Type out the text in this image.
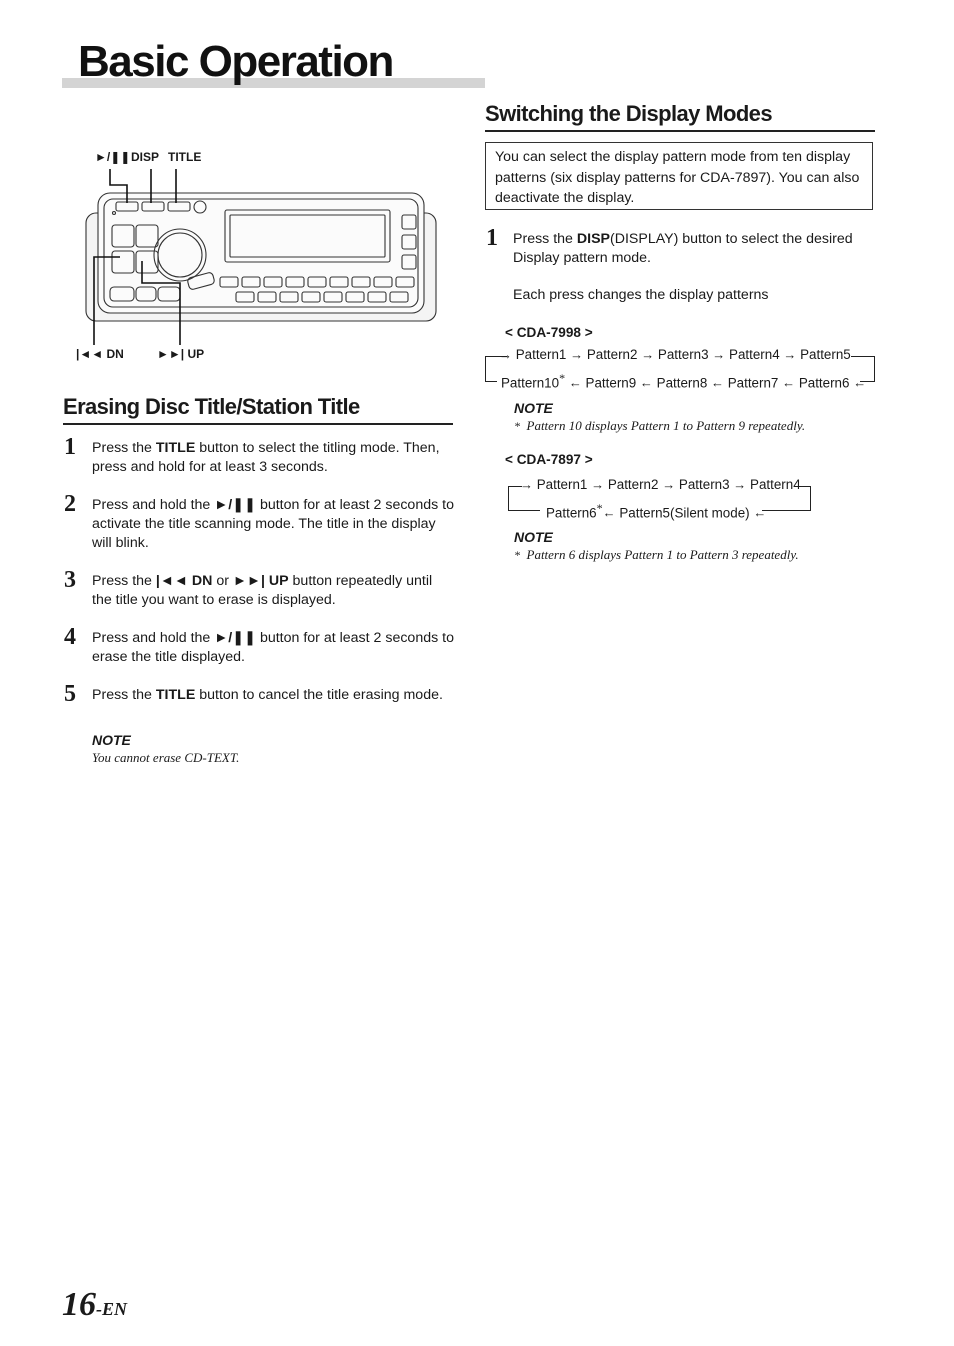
Basic Operation
►/❚❚ DISP TITLE
|◄◄ DN	►►| UP
Erasing Disc Title/Station Title
1 Press the TITLE button to select the titling mode. Then, press and hold for at least 3 seconds.
2 Press and hold the ►/❚❚ button for at least 2 seconds to activate the title scanning mode. The title in the display will blink.
3 Press the |◄◄ DN or ►►| UP button repeatedly until the title you want to erase is displayed.
4 Press and hold the ►/❚❚ button for at least 2 seconds to erase the title displayed.
5 Press the TITLE button to cancel the title erasing mode.
NOTE
You cannot erase CD-TEXT.
Switching the Display Modes
You can select the display pattern mode from ten display patterns (six display patterns for CDA-7897). You can also deactivate the display.
1 Press the DISP(DISPLAY) button to select the desired Display pattern mode.
Each press changes the display patterns
< CDA-7998 >
→ Pattern1 → Pattern2 → Pattern3 → Pattern4 → Pattern5
Pattern10* ← Pattern9 ← Pattern8 ← Pattern7 ← Pattern6 ←
NOTE
* Pattern 10 displays Pattern 1 to Pattern 9 repeatedly.
< CDA-7897 >
→ Pattern1 → Pattern2 → Pattern3 → Pattern4
Pattern6*← Pattern5(Silent mode) ←
NOTE
* Pattern 6 displays Pattern 1 to Pattern 3 repeatedly.
16-EN
